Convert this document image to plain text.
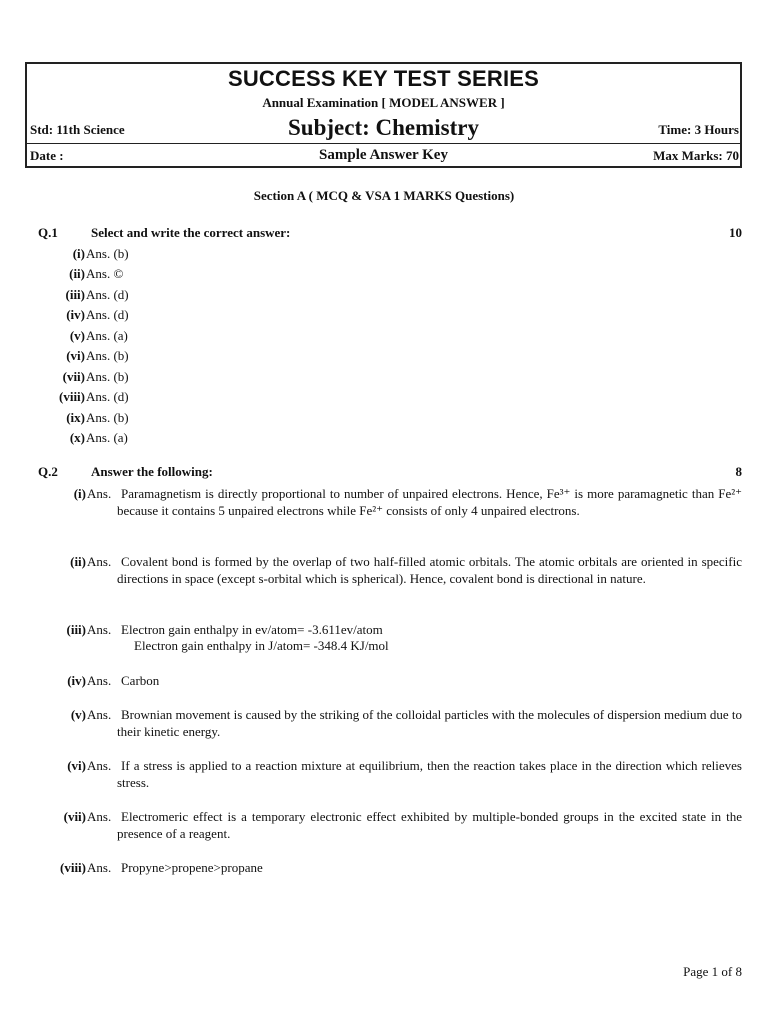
SUCCESS KEY TEST SERIES
Annual Examination [ MODEL ANSWER ]
Std: 11th Science	Subject: Chemistry	Time: 3 Hours
Date :	Sample Answer Key	Max Marks: 70
Section A ( MCQ & VSA 1 MARKS Questions)
Q.1	Select and write the correct answer:	10
(i) Ans. (b)
(ii) Ans. ©
(iii) Ans. (d)
(iv) Ans. (d)
(v) Ans. (a)
(vi) Ans. (b)
(vii) Ans. (b)
(viii) Ans. (d)
(ix) Ans. (b)
(x) Ans. (a)
Q.2	Answer the following:	8
(i) Ans. Paramagnetism is directly proportional to number of unpaired electrons. Hence, Fe³⁺ is more paramagnetic than Fe²⁺ because it contains 5 unpaired electrons while Fe²⁺ consists of only 4 unpaired electrons.
(ii) Ans. Covalent bond is formed by the overlap of two half-filled atomic orbitals. The atomic orbitals are oriented in specific directions in space (except s-orbital which is spherical). Hence, covalent bond is directional in nature.
(iii) Ans. Electron gain enthalpy in ev/atom= -3.611ev/atom
Electron gain enthalpy in J/atom= -348.4 KJ/mol
(iv) Ans. Carbon
(v) Ans. Brownian movement is caused by the striking of the colloidal particles with the molecules of dispersion medium due to their kinetic energy.
(vi) Ans. If a stress is applied to a reaction mixture at equilibrium, then the reaction takes place in the direction which relieves stress.
(vii) Ans. Electromeric effect is a temporary electronic effect exhibited by multiple-bonded groups in the excited state in the presence of a reagent.
(viii) Ans. Propyne>propene>propane
Page 1 of 8
